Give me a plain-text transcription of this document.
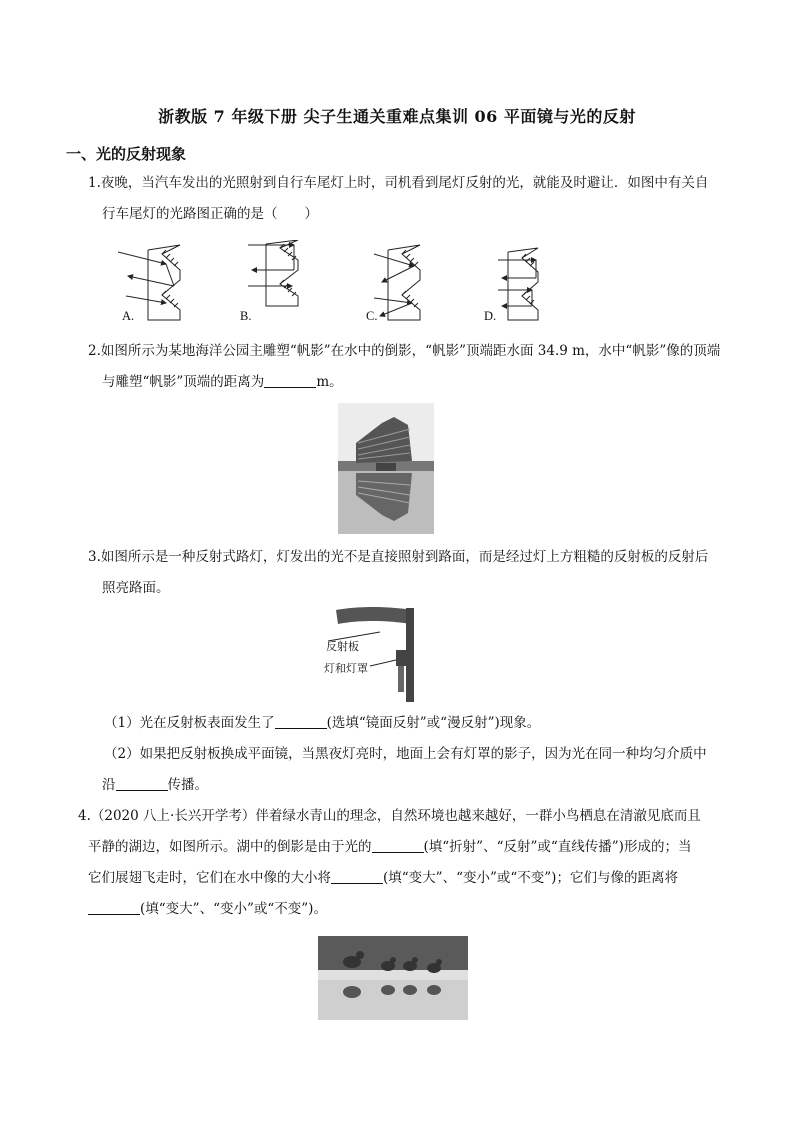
浙教版 7 年级下册 尖子生通关重难点集训 06 平面镜与光的反射
一、光的反射现象
1.夜晚，当汽车发出的光照射到自行车尾灯上时，司机看到尾灯反射的光，就能及时避让．如图中有关自

行车尾灯的光路图正确的是（　　）
A.	B.	C.	D.
2.如图所示为某地海洋公园主雕塑“帆影”在水中的倒影，“帆影”顶端距水面 34.9 m，水中“帆影”像的顶端

与雕塑“帆影”顶端的距离为	m。
3.如图所示是一种反射式路灯，灯发出的光不是直接照射到路面，而是经过灯上方粗糙的反射板的反射后

照亮路面。
反射板
灯和灯罩
（1）光在反射板表面发生了	(选填“镜面反射”或“漫反射”)现象。
（2）如果把反射板换成平面镜，当黑夜灯亮时，地面上会有灯罩的影子，因为光在同一种均匀介质中
沿	传播。
4.（2020 八上·长兴开学考）伴着绿水青山的理念，自然环境也越来越好，一群小鸟栖息在清澈见底而且

平静的湖边，如图所示。湖中的倒影是由于光的	(填“折射”、“反射”或“直线传播”)形成的；当
它们展翅飞走时，它们在水中像的大小将	(填“变大”、“变小”或“不变”)；它们与像的距离将
(填“变大”、“变小”或“不变”)。
